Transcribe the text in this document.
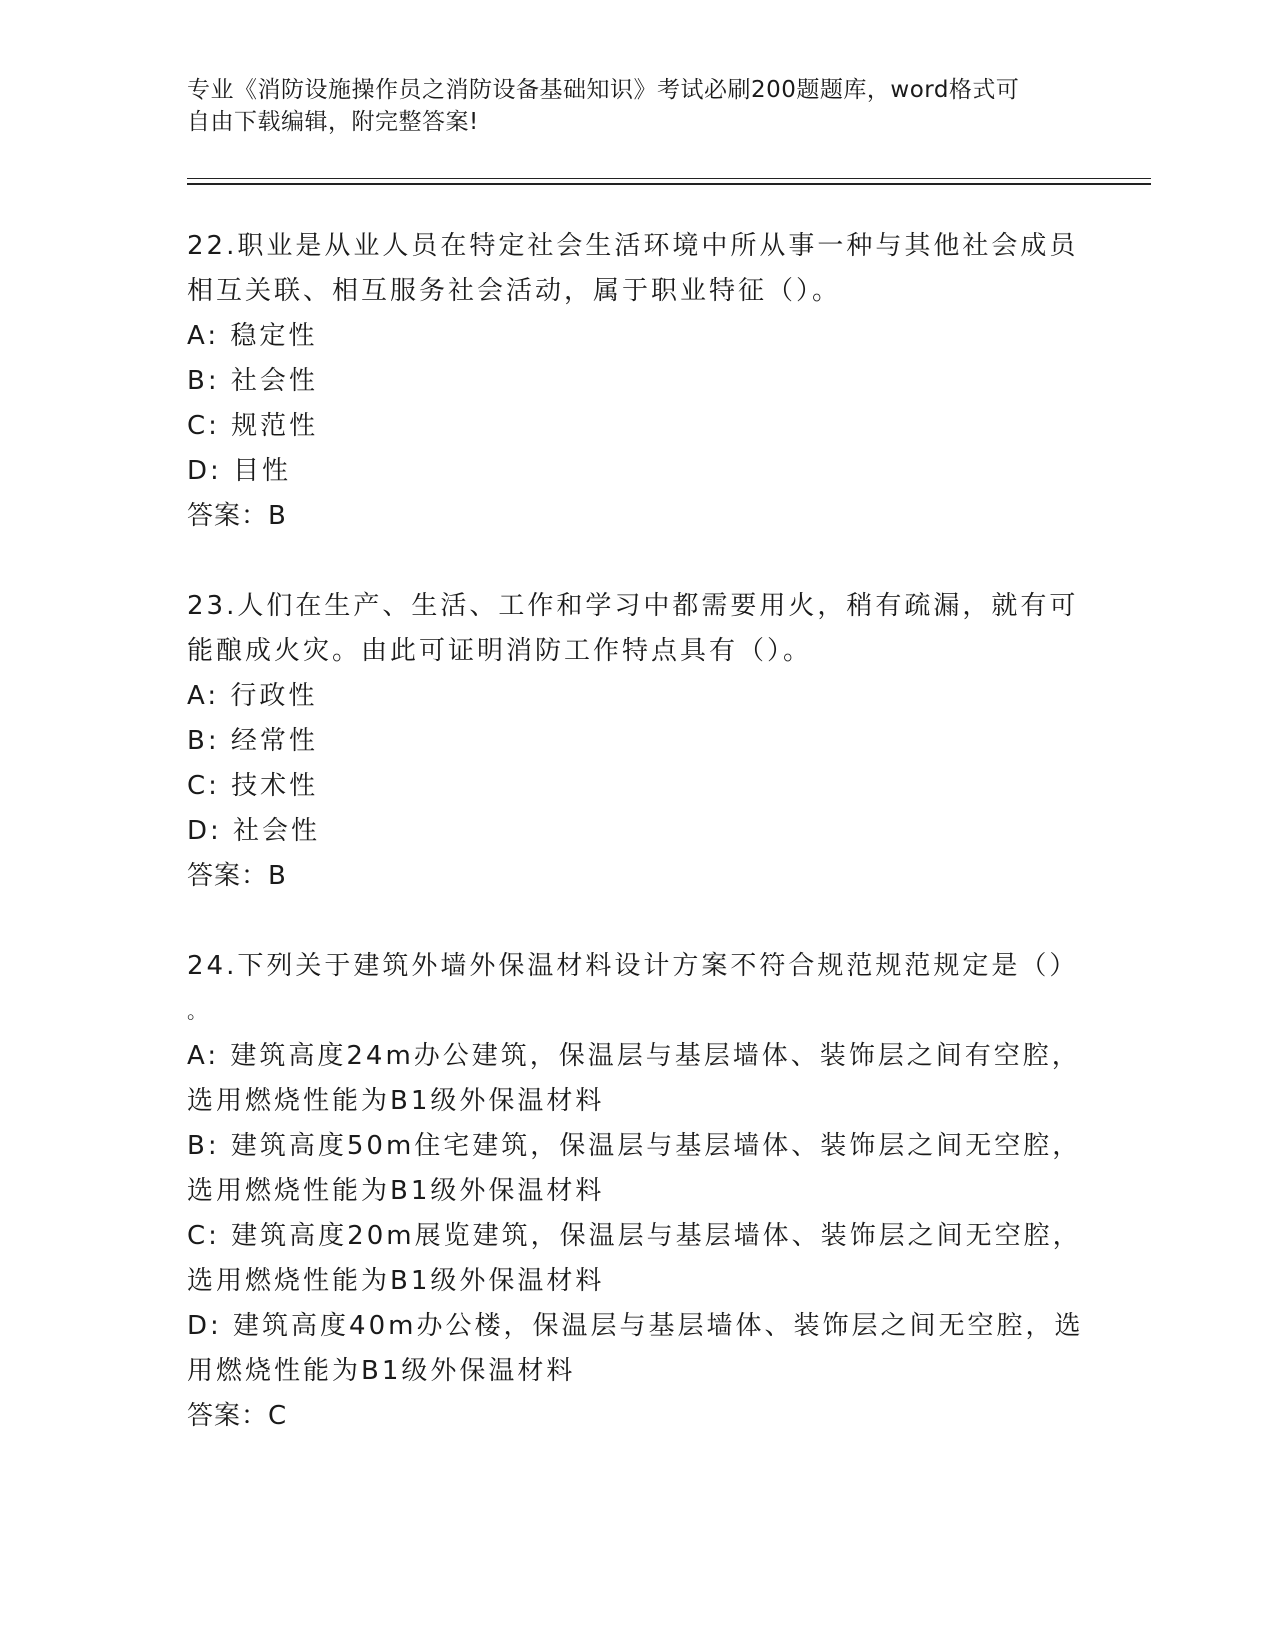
专业《消防设施操作员之消防设备基础知识》考试必刷200题题库，word格式可
自由下载编辑，附完整答案!
22.职业是从业人员在特定社会生活环境中所从事一种与其他社会成员
相互关联、相互服务社会活动，属于职业特征（）。
A: 稳定性
B: 社会性
C: 规范性
D: 目性
答案：B
23.人们在生产、生活、工作和学习中都需要用火，稍有疏漏，就有可
能酿成火灾。由此可证明消防工作特点具有（）。
A: 行政性
B: 经常性
C: 技术性
D: 社会性
答案：B
24.下列关于建筑外墙外保温材料设计方案不符合规范规范规定是（）
。
A: 建筑高度24m办公建筑，保温层与基层墙体、装饰层之间有空腔，
选用燃烧性能为B1级外保温材料
B: 建筑高度50m住宅建筑，保温层与基层墙体、装饰层之间无空腔，
选用燃烧性能为B1级外保温材料
C: 建筑高度20m展览建筑，保温层与基层墙体、装饰层之间无空腔，
选用燃烧性能为B1级外保温材料
D: 建筑高度40m办公楼，保温层与基层墙体、装饰层之间无空腔，选
用燃烧性能为B1级外保温材料
答案：C
